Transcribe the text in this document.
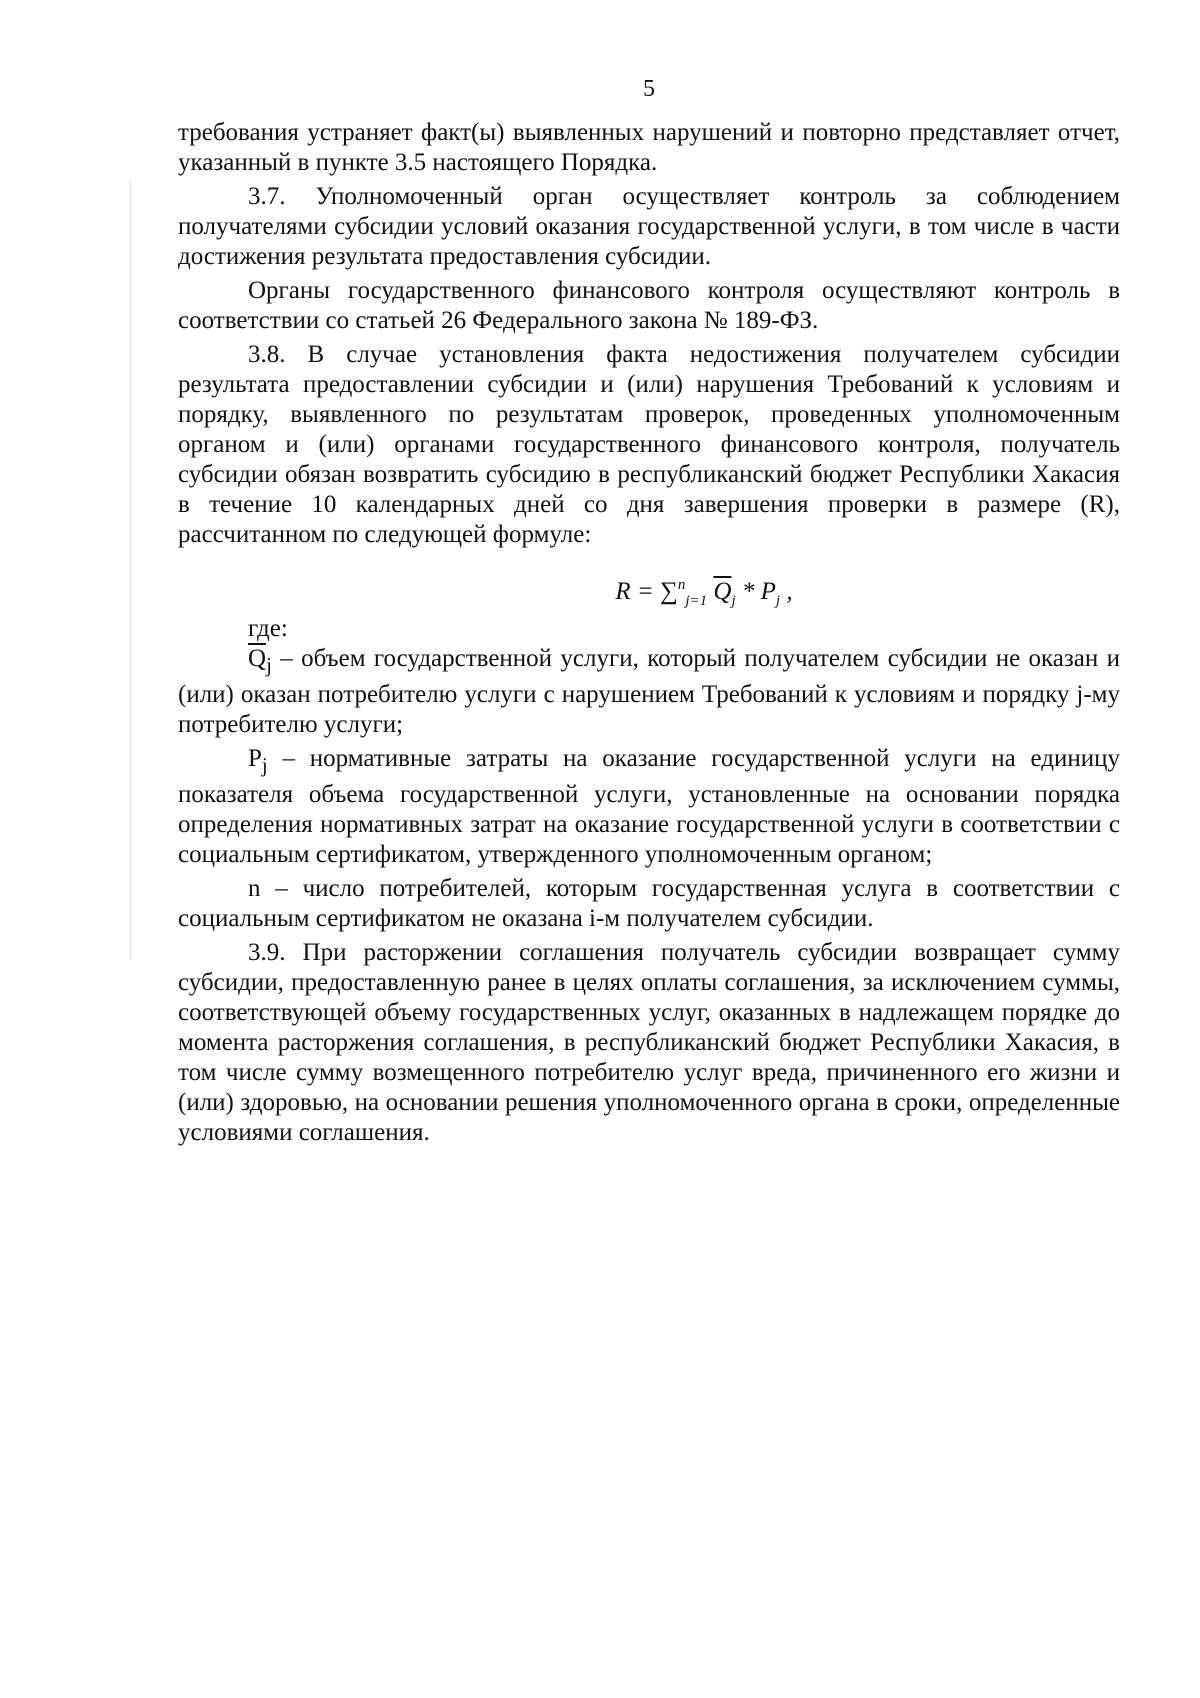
5

требования устраняет факт(ы) выявленных нарушений и повторно представляет отчет, указанный в пункте 3.5 настоящего Порядка.

3.7. Уполномоченный орган осуществляет контроль за соблюдением получателями субсидии условий оказания государственной услуги, в том числе в части достижения результата предоставления субсидии.

Органы государственного финансового контроля осуществляют контроль в соответствии со статьей 26 Федерального закона № 189-ФЗ.

3.8. В случае установления факта недостижения получателем субсидии результата предоставлении субсидии и (или) нарушения Требований к условиям и порядку, выявленного по результатам проверок, проведенных уполномоченным органом и (или) органами государственного финансового контроля, получатель субсидии обязан возвратить субсидию в республиканский бюджет Республики Хакасия в течение 10 календарных дней со дня завершения проверки в размере (R), рассчитанном по следующей формуле:

R = ∑$^n_{j=1}$ $\overline{Q}_j * P_j$ ,

где:

$\overline{Q}_j$ – объем государственной услуги, который получателем субсидии не оказан и (или) оказан потребителю услуги с нарушением Требований к условиям и порядку j-му потребителю услуги;

$P_j$ – нормативные затраты на оказание государственной услуги на единицу показателя объема государственной услуги, установленные на основании порядка определения нормативных затрат на оказание государственной услуги в соответствии с социальным сертификатом, утвержденного уполномоченным органом;

n – число потребителей, которым государственная услуга в соответствии с социальным сертификатом не оказана i-м получателем субсидии.

3.9. При расторжении соглашения получатель субсидии возвращает сумму субсидии, предоставленную ранее в целях оплаты соглашения, за исключением суммы, соответствующей объему государственных услуг, оказанных в надлежащем порядке до момента расторжения соглашения, в республиканский бюджет Республики Хакасия, в том числе сумму возмещенного потребителю услуг вреда, причиненного его жизни и (или) здоровью, на основании решения уполномоченного органа в сроки, определенные условиями соглашения.
